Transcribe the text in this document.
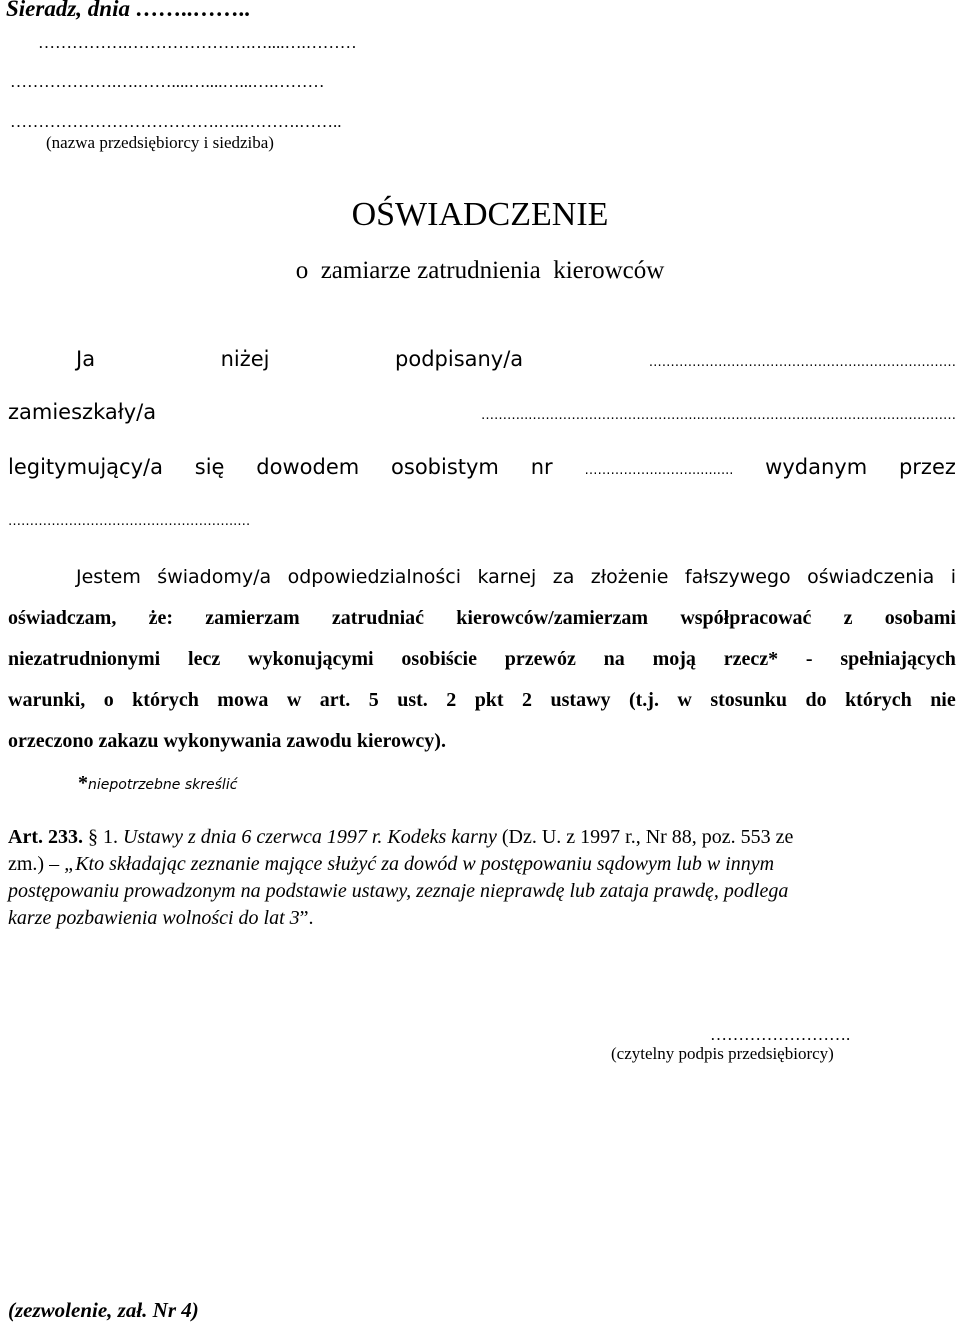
Sieradz, dnia ……..……..
…………….………………….…....….………
……………….….……....…....…...….………
……………………………….…..……….……..
(nazwa przedsiębiorcy i siedziba)
OŚWIADCZENIE
o  zamiarze zatrudnienia  kierowców
Ja	niżej	podpisany/a	…………………………………………..…………………
zamieszkały/a	………...………………………………...……………………..……………………………
legitymujący/a się dowodem osobistym nr ……………...……........... wydanym przez
……………………………………………..…
Jestem świadomy/a odpowiedzialności karnej za złożenie fałszywego oświadczenia i
oświadczam, że: zamierzam zatrudniać kierowców/zamierzam współpracować z osobami
niezatrudnionymi lecz wykonującymi osobiście przewóz na moją rzecz* - spełniających
warunki, o których mowa w art. 5 ust. 2 pkt 2 ustawy (t.j. w stosunku do których nie
orzeczono zakazu wykonywania zawodu kierowcy).
*niepotrzebne skreślić
Art. 233. § 1. Ustawy z dnia 6 czerwca 1997 r. Kodeks karny (Dz. U. z 1997 r., Nr 88, poz. 553 ze
zm.) – „Kto składając zeznanie mające służyć za dowód w postępowaniu sądowym lub w innym
postępowaniu prowadzonym na podstawie ustawy, zeznaje nieprawdę lub zataja prawdę, podlega
karze pozbawienia wolności do lat 3”.
…………………….
(czytelny podpis przedsiębiorcy)
(zezwolenie, zał. Nr 4)
